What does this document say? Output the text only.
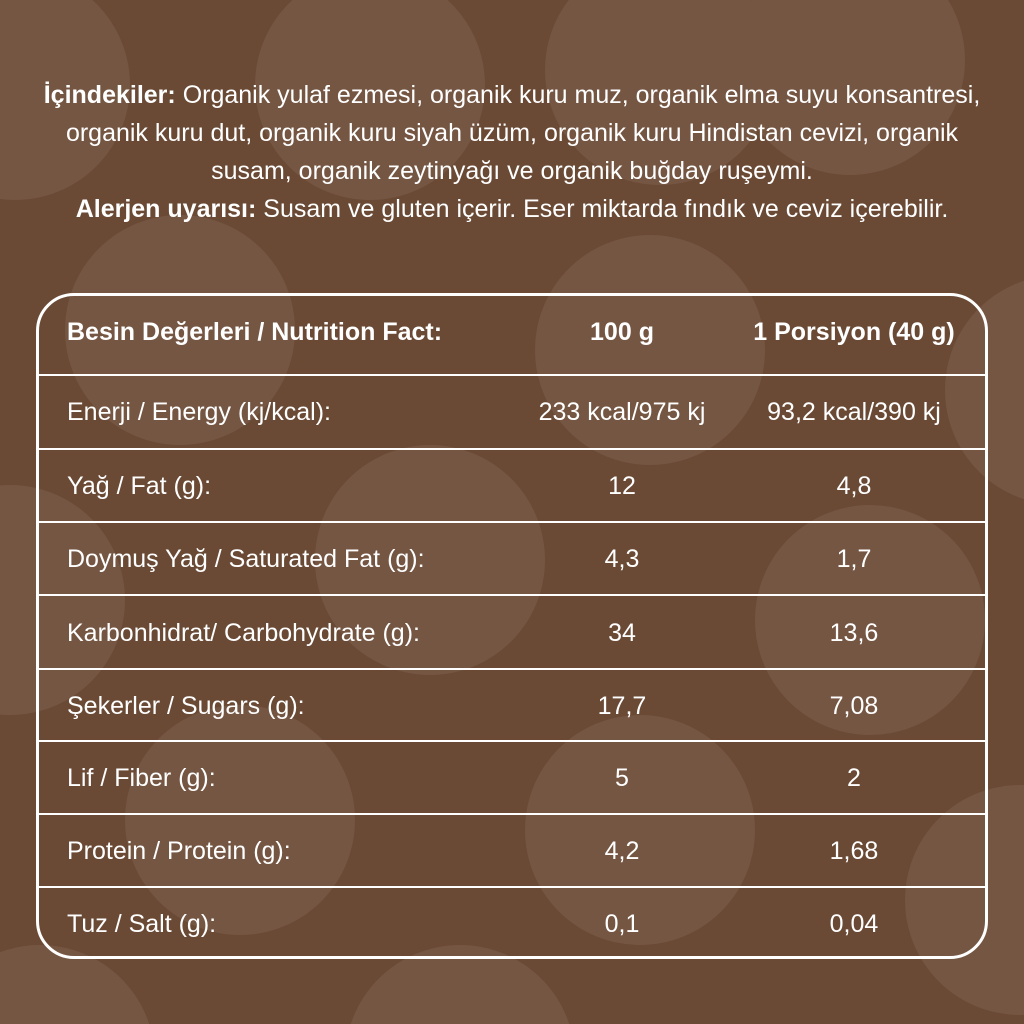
İçindekiler: Organik yulaf ezmesi, organik kuru muz, organik elma suyu konsantresi, organik kuru dut, organik kuru siyah üzüm, organik kuru Hindistan cevizi, organik susam, organik zeytinyağı ve organik buğday ruşeymi.
Alerjen uyarısı: Susam ve gluten içerir. Eser miktarda fındık ve ceviz içerebilir.
Besin Değerleri / Nutrition Fact:	100 g	1 Porsiyon (40 g)
Enerji / Energy (kj/kcal):	233 kcal/975 kj	93,2 kcal/390 kj
Yağ / Fat (g):	12	4,8
Doymuş Yağ / Saturated Fat (g):	4,3	1,7
Karbonhidrat/ Carbohydrate (g):	34	13,6
Şekerler / Sugars (g):	17,7	7,08
Lif / Fiber (g):	5	2
Protein / Protein (g):	4,2	1,68
Tuz / Salt (g):	0,1	0,04
